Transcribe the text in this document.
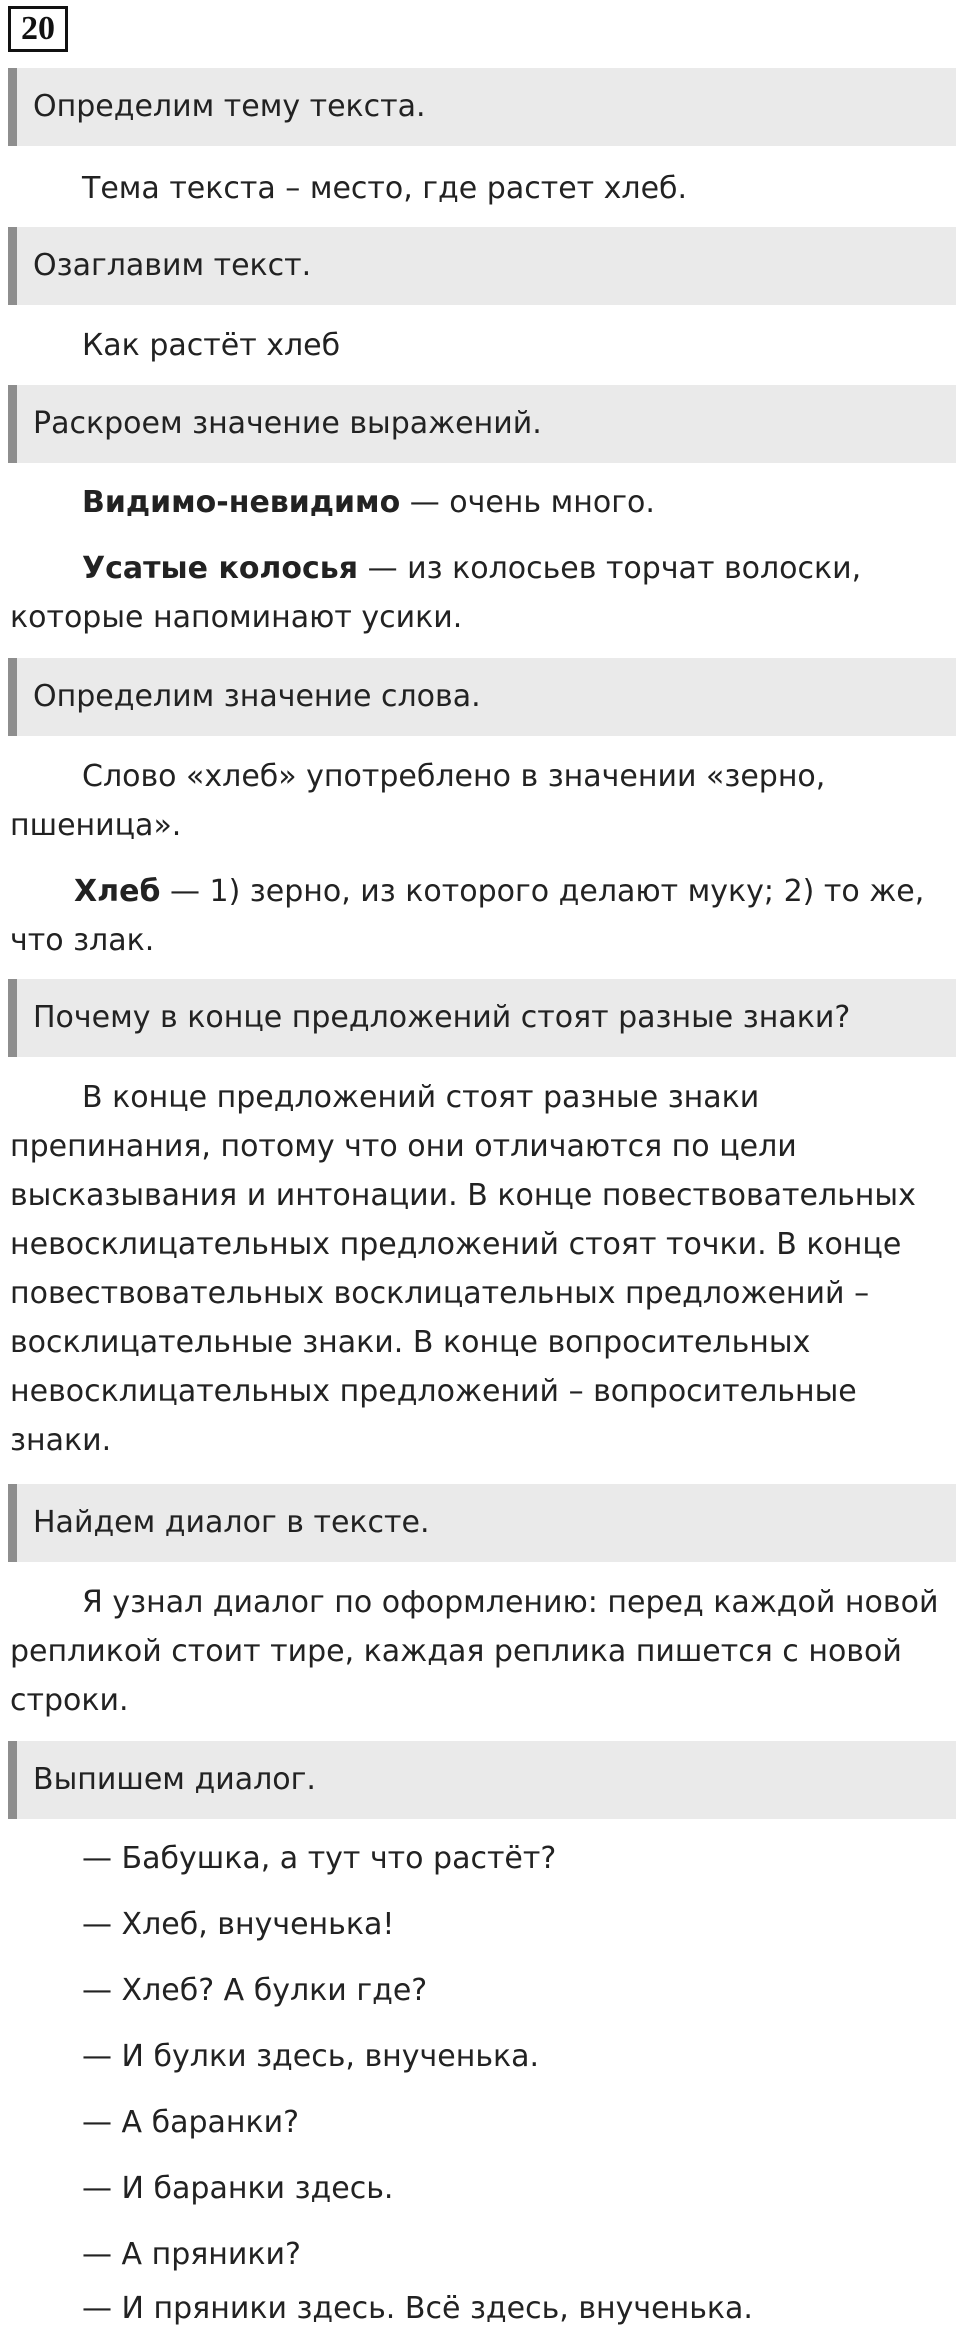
20
Определим тему текста.

Тема текста – место, где растет хлеб.

Озаглавим текст.

Как растёт хлеб

Раскроем значение выражений.

Видимо-невидимо — очень много.

Усатые колосья — из колосьев торчат волоски, которые напоминают усики.

Определим значение слова.

Слово «хлеб» употреблено в значении «зерно, пшеница».

Хлеб — 1) зерно, из которого делают муку; 2) то же, что злак.

Почему в конце предложений стоят разные знаки?

В конце предложений стоят разные знаки препинания, потому что они отличаются по цели высказывания и интонации. В конце повествовательных невосклицательных предложений стоят точки. В конце повествовательных восклицательных предложений – восклицательные знаки. В конце вопросительных невосклицательных предложений – вопросительные знаки.

Найдем диалог в тексте.

Я узнал диалог по оформлению: перед каждой новой репликой стоит тире, каждая реплика пишется с новой строки.

Выпишем диалог.
— Бабушка, а тут что растёт?
— Хлеб, внученька!
— Хлеб? А булки где?
— И булки здесь, внученька.
— А баранки?
— И баранки здесь.
— А пряники?
— И пряники здесь. Всё здесь, внученька.
